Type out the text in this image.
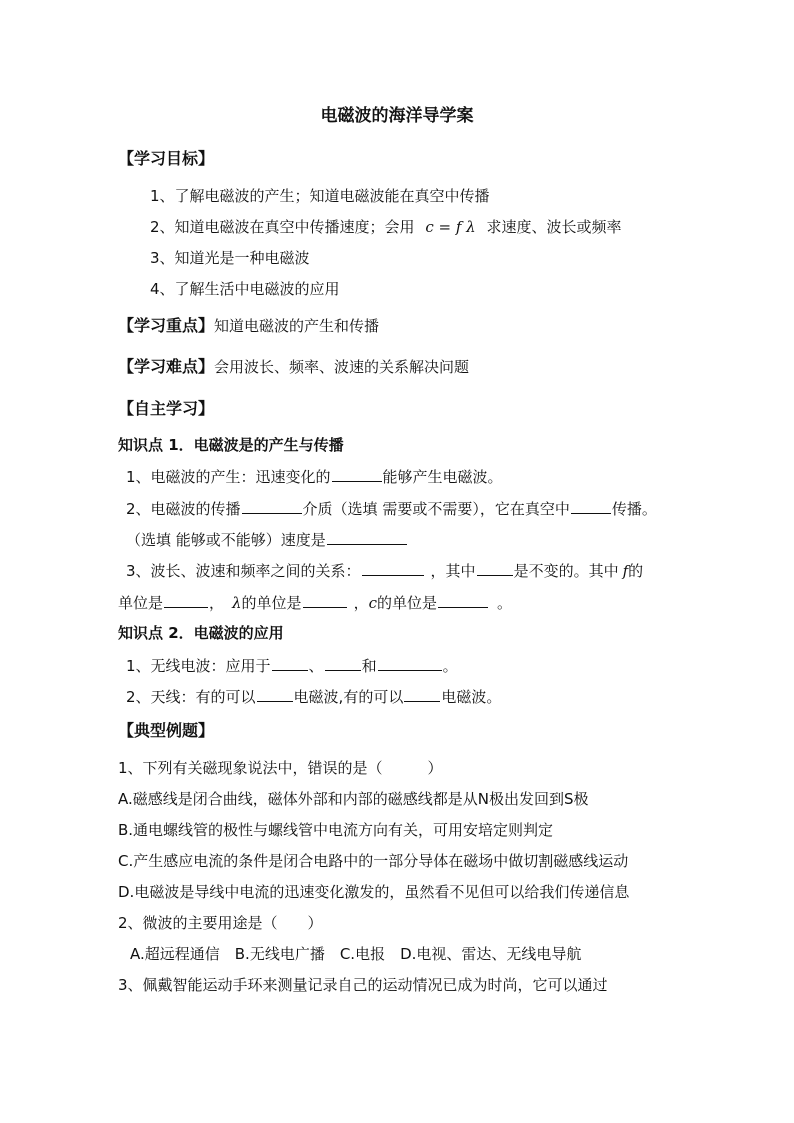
电磁波的海洋导学案
【学习目标】
1、了解电磁波的产生；知道电磁波能在真空中传播
2、知道电磁波在真空中传播速度；会用 c = f λ 求速度、波长或频率
3、知道光是一种电磁波
4、了解生活中电磁波的应用
【学习重点】知道电磁波的产生和传播
【学习难点】会用波长、频率、波速的关系解决问题
【自主学习】
知识点 1．电磁波是的产生与传播
1、电磁波的产生：迅速变化的	能够产生电磁波。
2、电磁波的传播	介质（选填 需要或不需要），它在真空中	传播。
（选填 能够或不能够）速度是
3、波长、波速和频率之间的关系：	，其中	是不变的。其中 f的
单位是	， λ的单位是	，c的单位是	。
知识点 2．电磁波的应用
1、无线电波：应用于	、	和	。
2、天线：有的可以	电磁波,有的可以	电磁波。
【典型例题】
1、下列有关磁现象说法中，错误的是（　　　）
A.磁感线是闭合曲线，磁体外部和内部的磁感线都是从N极出发回到S极
B.通电螺线管的极性与螺线管中电流方向有关，可用安培定则判定
C.产生感应电流的条件是闭合电路中的一部分导体在磁场中做切割磁感线运动
D.电磁波是导线中电流的迅速变化激发的，虽然看不见但可以给我们传递信息
2、微波的主要用途是（　　）
A.超远程通信　B.无线电广播　C.电报　D.电视、雷达、无线电导航
3、佩戴智能运动手环来测量记录自己的运动情况已成为时尚，它可以通过
